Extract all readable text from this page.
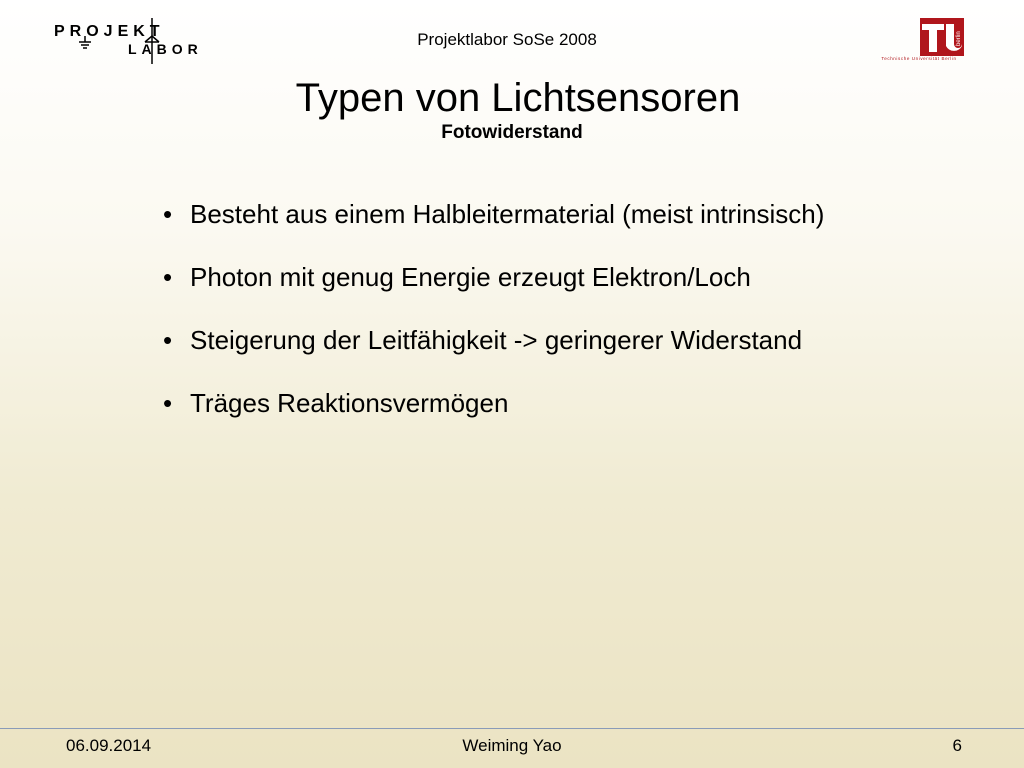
PROJEKT
LABOR	Projektlabor SoSe 2008	berlin
Technische Universität Berlin
Typen von Lichtsensoren
Fotowiderstand
• Besteht aus einem Halbleitermaterial (meist intrinsisch)
• Photon mit genug Energie erzeugt Elektron/Loch
• Steigerung der Leitfähigkeit -> geringerer Widerstand
• Träges Reaktionsvermögen
06.09.2014	Weiming Yao	6
